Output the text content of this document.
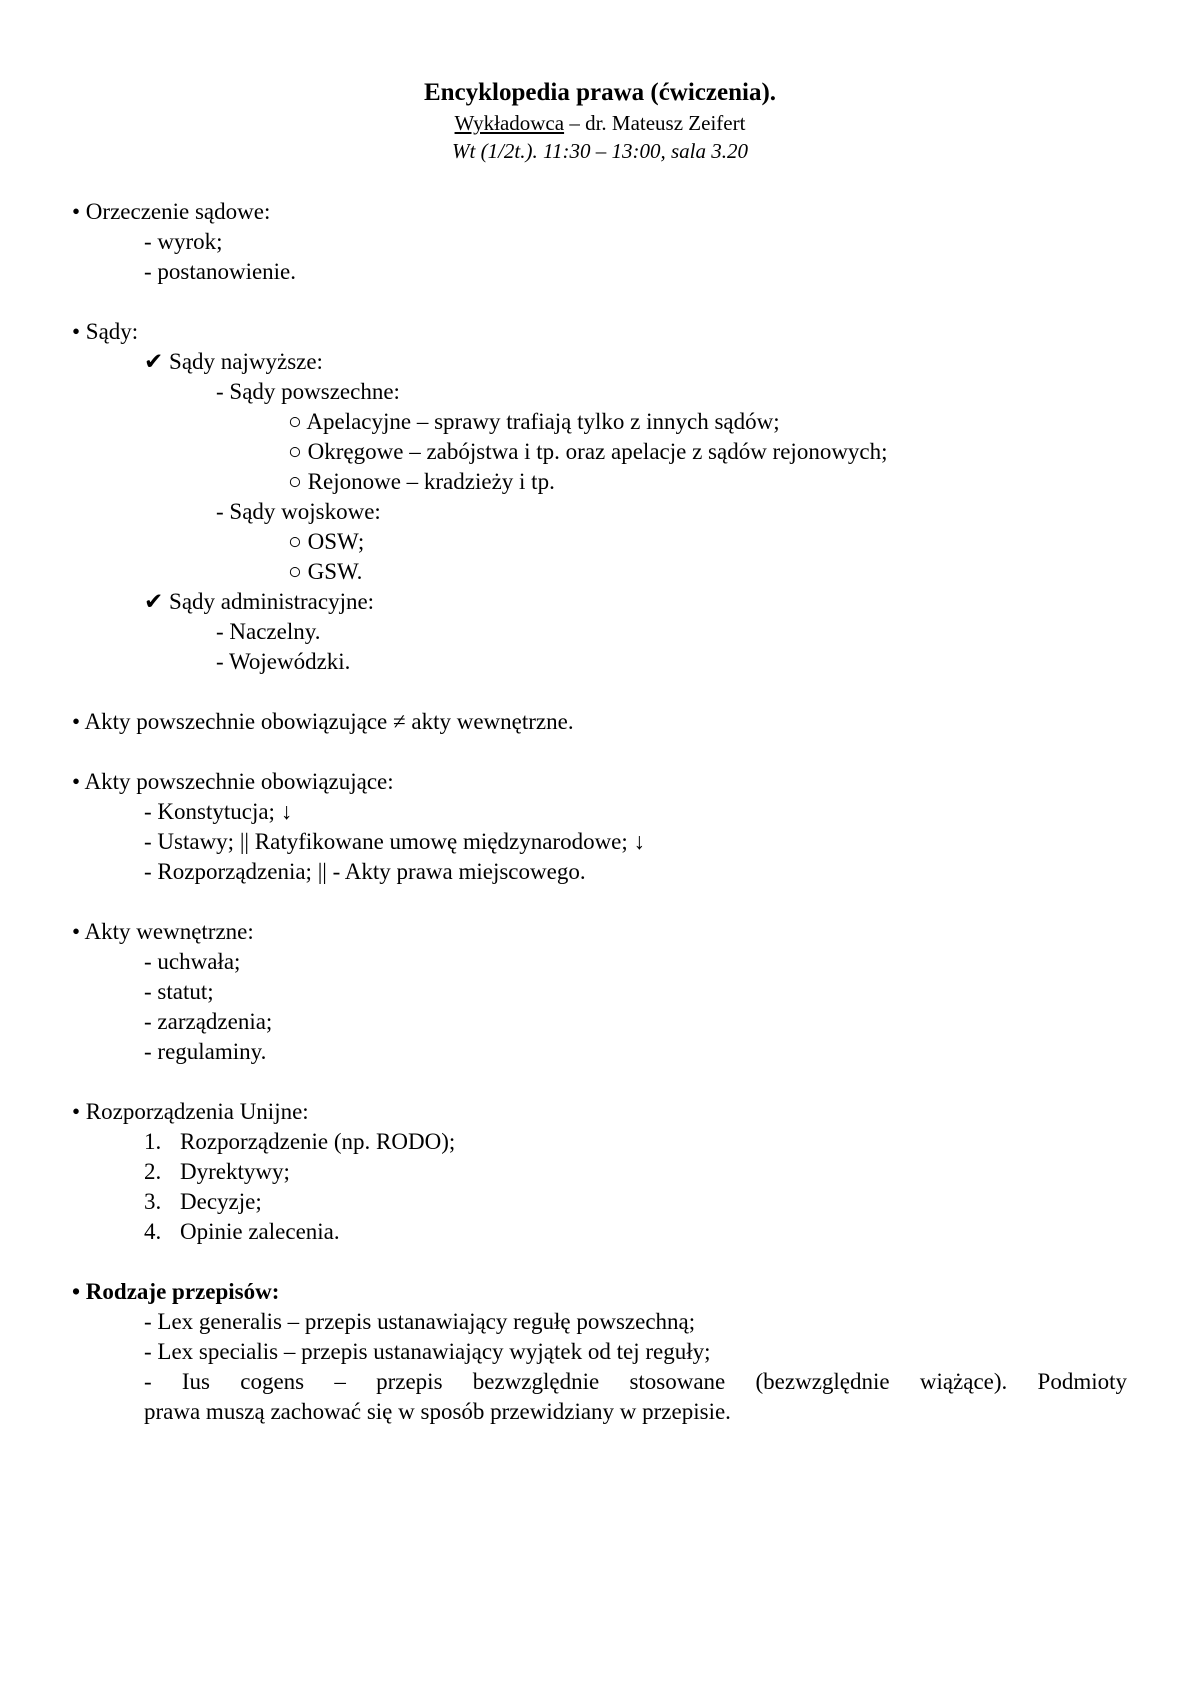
Encyklopedia prawa (ćwiczenia).
Wykładowca – dr. Mateusz Zeifert
Wt (1/2t.). 11:30 – 13:00, sala 3.20
• Orzeczenie sądowe:
- wyrok;
- postanowienie.
• Sądy:
✔ Sądy najwyższe:
- Sądy powszechne:
○ Apelacyjne – sprawy trafiają tylko z innych sądów;
○ Okręgowe – zabójstwa i tp. oraz apelacje z sądów rejonowych;
○ Rejonowe – kradzieży i tp.
- Sądy wojskowe:
○ OSW;
○ GSW.
✔ Sądy administracyjne:
- Naczelny.
- Wojewódzki.
• Akty powszechnie obowiązujące ≠ akty wewnętrzne.
• Akty powszechnie obowiązujące:
- Konstytucja; ↓
- Ustawy; || Ratyfikowane umowę międzynarodowe; ↓
- Rozporządzenia; || - Akty prawa miejscowego.
• Akty wewnętrzne:
- uchwała;
- statut;
- zarządzenia;
- regulaminy.
• Rozporządzenia Unijne:
1. Rozporządzenie (np. RODO);
2. Dyrektywy;
3. Decyzje;
4. Opinie zalecenia.
• Rodzaje przepisów:
- Lex generalis – przepis ustanawiający regułę powszechną;
- Lex specialis – przepis ustanawiający wyjątek od tej reguły;
- Ius cogens – przepis bezwzględnie stosowane (bezwzględnie wiążące). Podmioty
prawa muszą zachować się w sposób przewidziany w przepisie.
